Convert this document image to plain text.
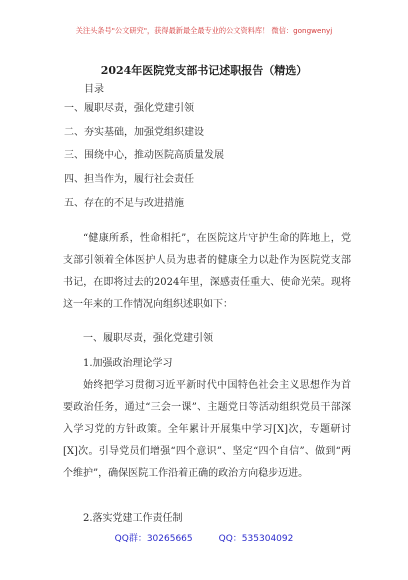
关注头条号"公文研究"，获得最新最全最专业的公文资料库！ 微信：gongwenyj
2024年医院党支部书记述职报告（精选）
目录
一、履职尽责，强化党建引领
二、夯实基础，加强党组织建设
三、围绕中心，推动医院高质量发展
四、担当作为，履行社会责任
五、存在的不足与改进措施

“健康所系，性命相托”，在医院这片守护生命的阵地上，党支部引领着全体医护人员为患者的健康全力以赴作为医院党支部书记，在即将过去的2024年里，深感责任重大、使命光荣。现将这一年来的工作情况向组织述职如下：

一、履职尽责，强化党建引领
1.加强政治理论学习

始终把学习贯彻习近平新时代中国特色社会主义思想作为首要政治任务，通过“三会一课”、主题党日等活动组织党员干部深入学习党的方针政策。全年累计开展集中学习[X]次，专题研讨[X]次。引导党员们增强“四个意识”、坚定“四个自信”、做到“两个维护”，确保医院工作沿着正确的政治方向稳步迈进。

2.落实党建工作责任制
QQ群：30265665	QQ：535304092
